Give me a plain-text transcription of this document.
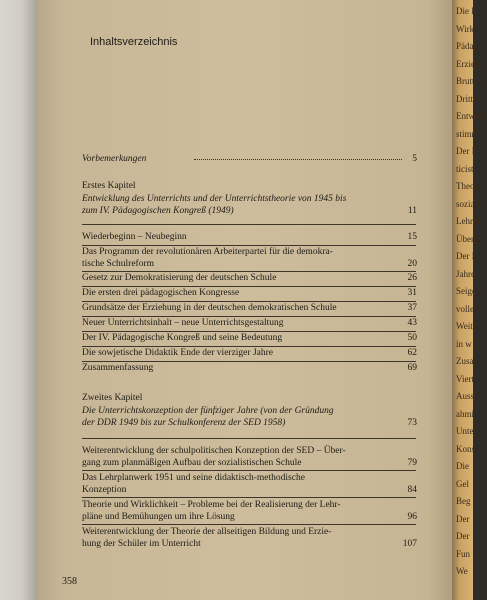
Inhaltsverzeichnis
Vorbemerkungen	5
Erstes Kapitel
Entwicklung des Unterrichts und der Unterrichtstheorie von 1945 bis
zum IV. Pädagogischen Kongreß (1949)	11
Wiederbeginn – Neubeginn	15
Das Programm der revolutionären Arbeiterpartei für die demokra-
tische Schulreform	20
Gesetz zur Demokratisierung der deutschen Schule	26
Die ersten drei pädagogischen Kongresse	31
Grundsätze der Erziehung in der deutschen demokratischen Schule	37
Neuer Unterrichtsinhalt – neue Unterrichtsgestaltung	43
Der IV. Pädagogische Kongreß und seine Bedeutung	50
Die sowjetische Didaktik Ende der vierziger Jahre	62
Zusammenfassung	69
Zweites Kapitel
Die Unterrichtskonzeption der fünfziger Jahre (von der Gründung
der DDR 1949 bis zur Schulkonferenz der SED 1958)	73
Weiterentwicklung der schulpolitischen Konzeption der SED – Über-
gang zum planmäßigen Aufbau der sozialistischen Schule	79
Das Lehrplanwerk 1951 und seine didaktisch-methodische
Konzeption	84
Theorie und Wirklichkeit – Probleme bei der Realisierung der Lehr-
pläne und Bemühungen um ihre Lösung	96
Weiterentwicklung der Theorie der allseitigen Bildung und Erzie-
hung der Schüler im Unterricht	107
358
Die F
Wirk
Pädag
Erziehu
Bruttanz
Drittes
Entwick
stimmt
Der K
ticist –
Theore
sozialis
Lehrpl.
Übersic
Der K
Jahre
Seige V
voller
Weiter
in w
Zusam
Viert
Auss
ahmi
Unte
Kons
Die
Gel
Beg
Der
Der
Fun
We
